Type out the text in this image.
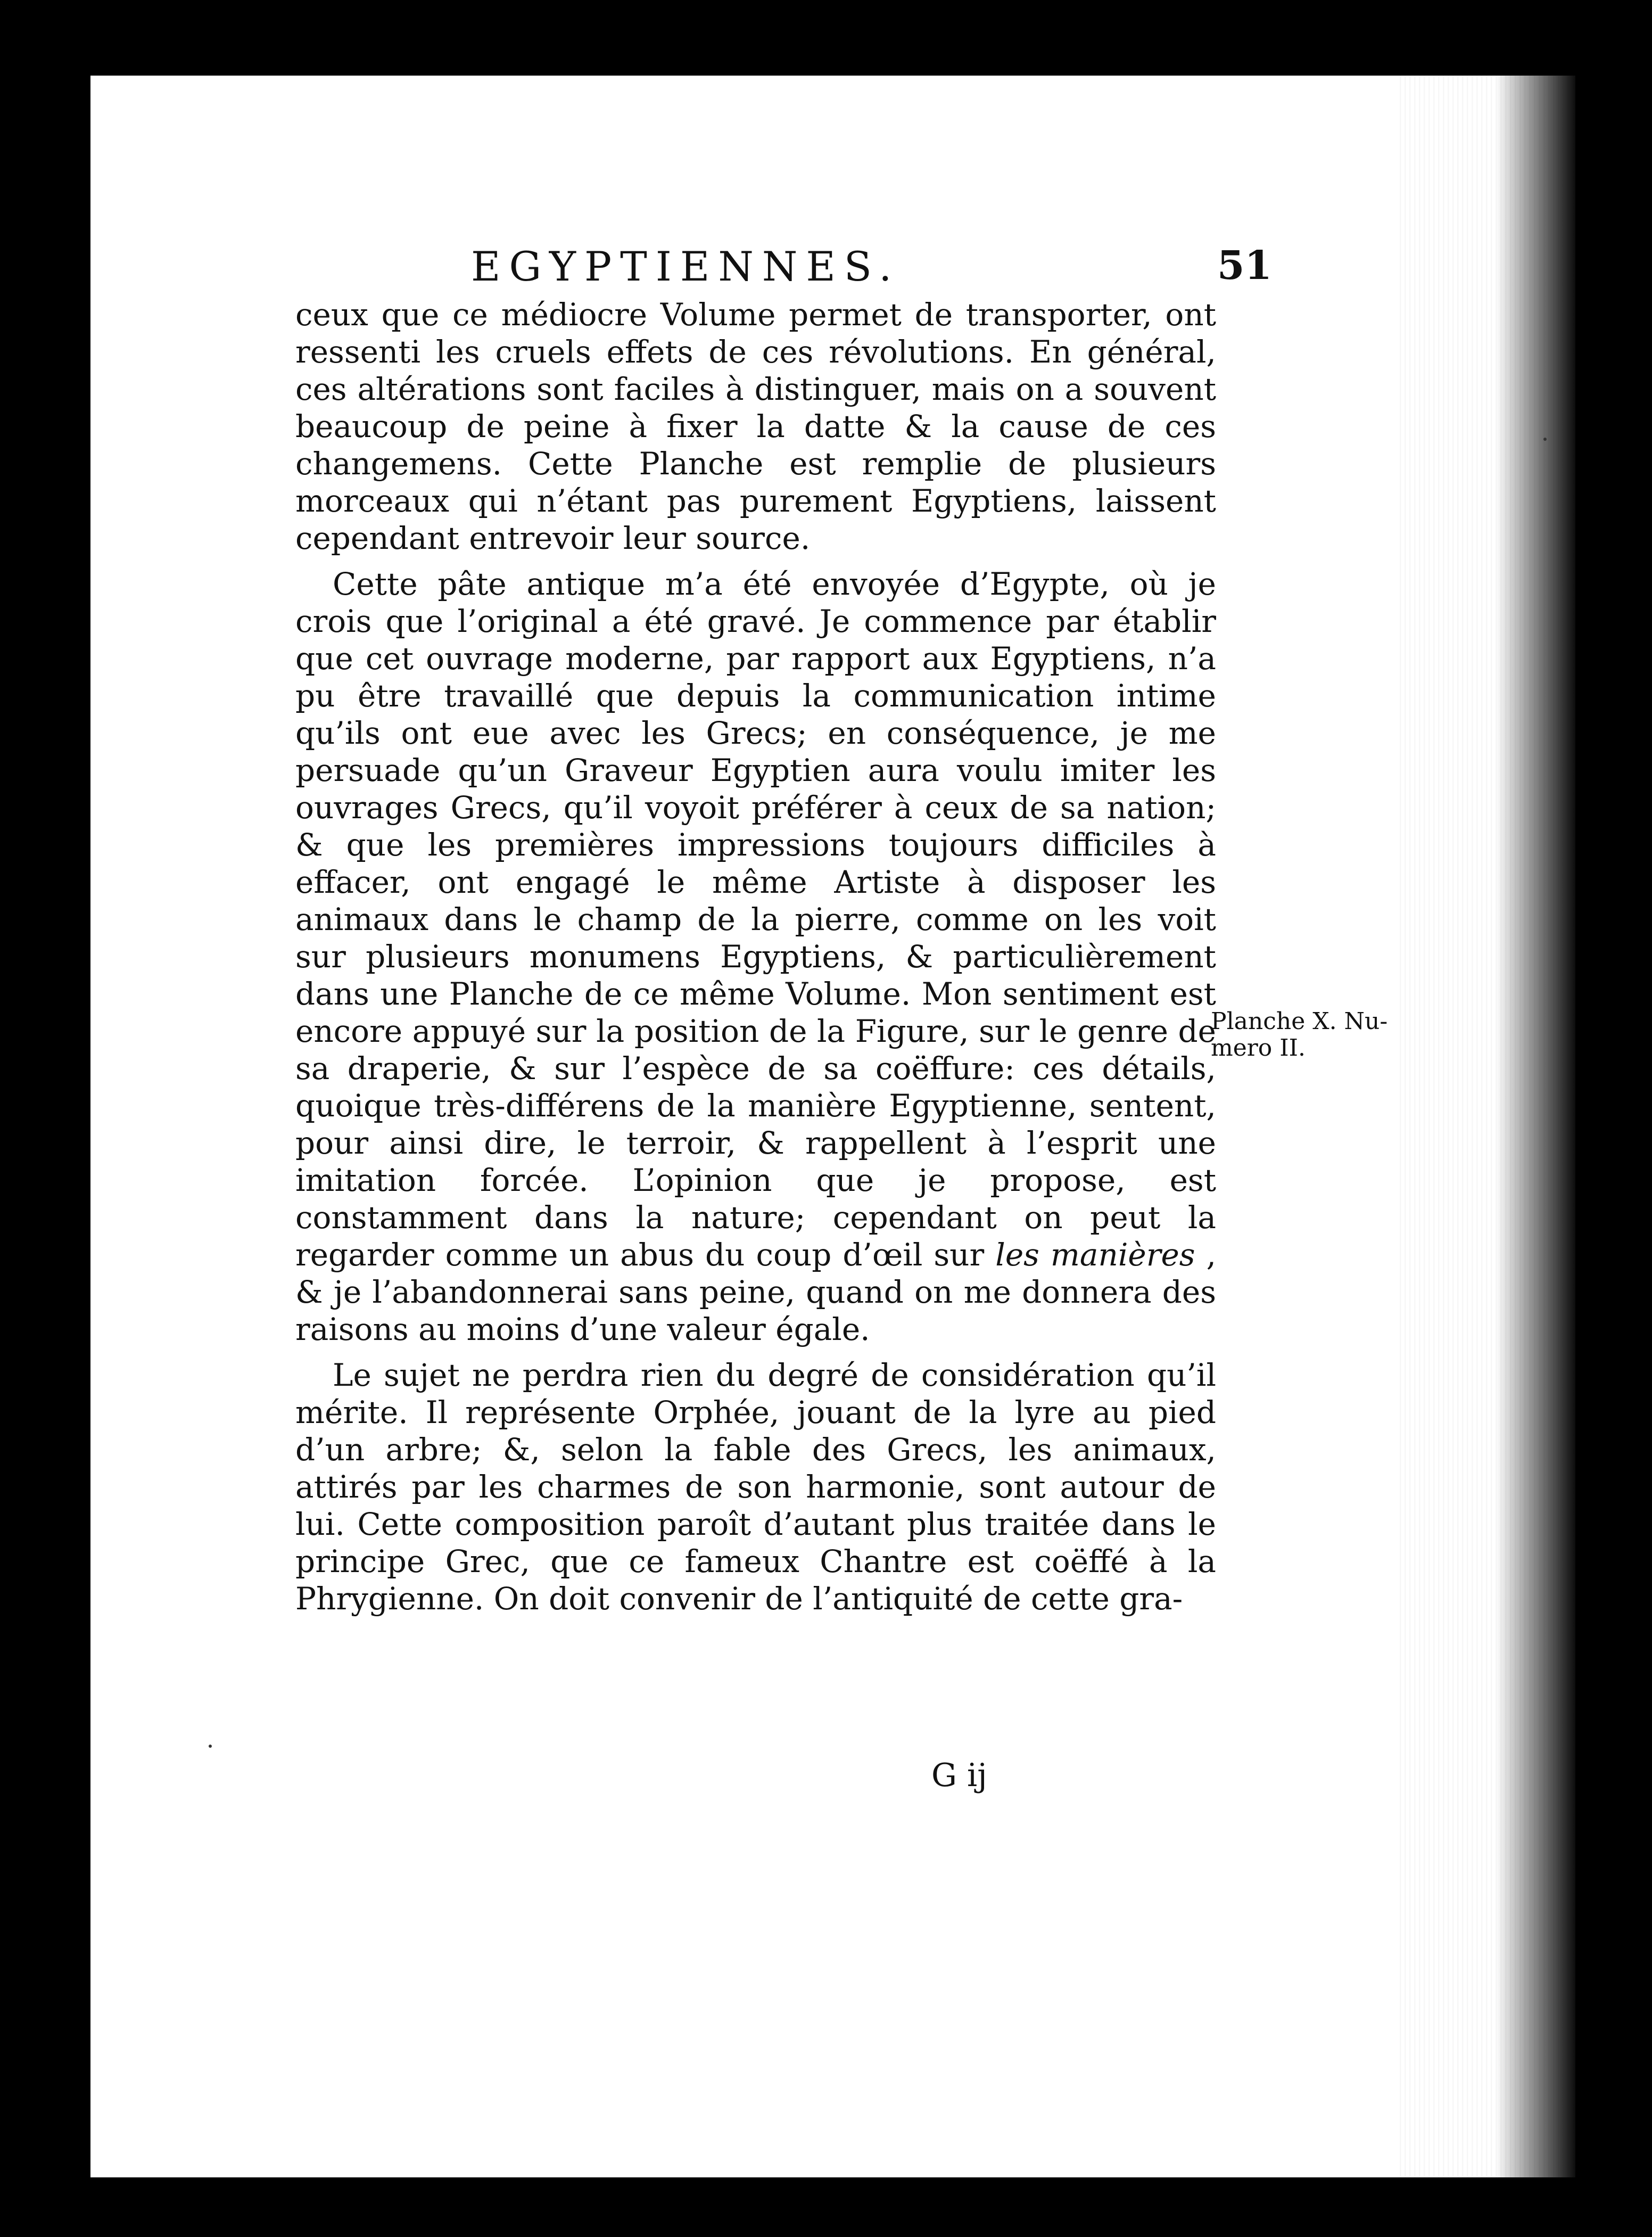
EGYPTIENNES.	51

ceux que ce médiocre Volume permet de transporter, ont ressenti les cruels effets de ces révolutions. En général, ces altérations sont faciles à distinguer, mais on a souvent beaucoup de peine à fixer la datte & la cause de ces changemens. Cette Planche est remplie de plusieurs morceaux qui n’étant pas purement Egyptiens, laissent cependant entrevoir leur source.

Cette pâte antique m’a été envoyée d’Egypte, où je crois que l’original a été gravé. Je commence par établir que cet ouvrage moderne, par rapport aux Egyptiens, n’a pu être travaillé que depuis la communication intime qu’ils ont eue avec les Grecs; en conséquence, je me persuade qu’un Graveur Egyptien aura voulu imiter les ouvrages Grecs, qu’il voyoit préférer à ceux de sa nation; & que les premières impressions toujours difficiles à effacer, ont engagé le même Artiste à disposer les animaux dans le champ de la pierre, comme on les voit sur plusieurs monumens Egyptiens, & particulièrement dans une Planche de ce même Volume. Mon sentiment est encore appuyé sur la position de la Figure, sur le genre de sa draperie, & sur l’espèce de sa coëffure: ces détails, quoique très-différens de la manière Egyptienne, sentent, pour ainsi dire, le terroir, & rappellent à l’esprit une imitation forcée. L’opinion que je propose, est constamment dans la nature; cependant on peut la regarder comme un abus du coup d’œil sur les manières , & je l’abandonnerai sans peine, quand on me donnera des raisons au moins d’une valeur égale.

Le sujet ne perdra rien du degré de considération qu’il mérite. Il représente Orphée, jouant de la lyre au pied d’un arbre; &, selon la fable des Grecs, les animaux, attirés par les charmes de son harmonie, sont autour de lui. Cette composition paroît d’autant plus traitée dans le principe Grec, que ce fameux Chantre est coëffé à la Phrygienne. On doit convenir de l’antiquité de cette gra-

Planche X. Nu-
mero II.
G ij
